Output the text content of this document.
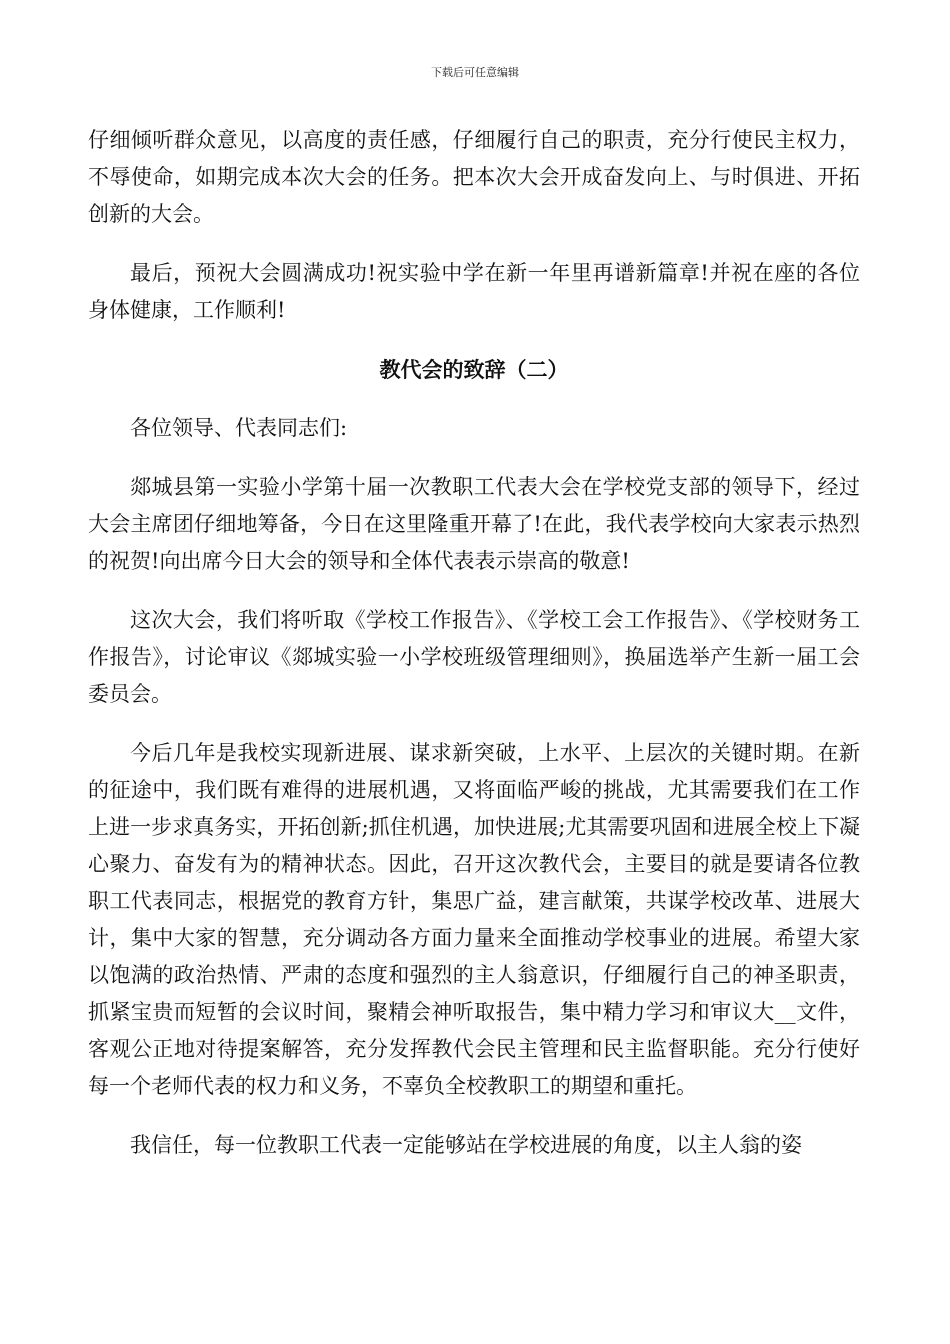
下载后可任意编辑

仔细倾听群众意见，以高度的责任感，仔细履行自己的职责，充分行使民主权力，不辱使命，如期完成本次大会的任务。把本次大会开成奋发向上、与时俱进、开拓创新的大会。

最后，预祝大会圆满成功!祝实验中学在新一年里再谱新篇章!并祝在座的各位身体健康，工作顺利!

教代会的致辞（二）

各位领导、代表同志们:

郯城县第一实验小学第十届一次教职工代表大会在学校党支部的领导下，经过大会主席团仔细地筹备，今日在这里隆重开幕了!在此，我代表学校向大家表示热烈的祝贺!向出席今日大会的领导和全体代表表示崇高的敬意!

这次大会，我们将听取《学校工作报告》、《学校工会工作报告》、《学校财务工作报告》，讨论审议《郯城实验一小学校班级管理细则》，换届选举产生新一届工会委员会。

今后几年是我校实现新进展、谋求新突破，上水平、上层次的关键时期。在新的征途中，我们既有难得的进展机遇，又将面临严峻的挑战，尤其需要我们在工作上进一步求真务实，开拓创新;抓住机遇，加快进展;尤其需要巩固和进展全校上下凝心聚力、奋发有为的精神状态。因此，召开这次教代会，主要目的就是要请各位教职工代表同志，根据党的教育方针，集思广益，建言献策，共谋学校改革、进展大计，集中大家的智慧，充分调动各方面力量来全面推动学校事业的进展。希望大家以饱满的政治热情、严肃的态度和强烈的主人翁意识，仔细履行自己的神圣职责，抓紧宝贵而短暂的会议时间，聚精会神听取报告，集中精力学习和审议大__文件，客观公正地对待提案解答，充分发挥教代会民主管理和民主监督职能。充分行使好每一个老师代表的权力和义务，不辜负全校教职工的期望和重托。

我信任，每一位教职工代表一定能够站在学校进展的角度，以主人翁的姿
